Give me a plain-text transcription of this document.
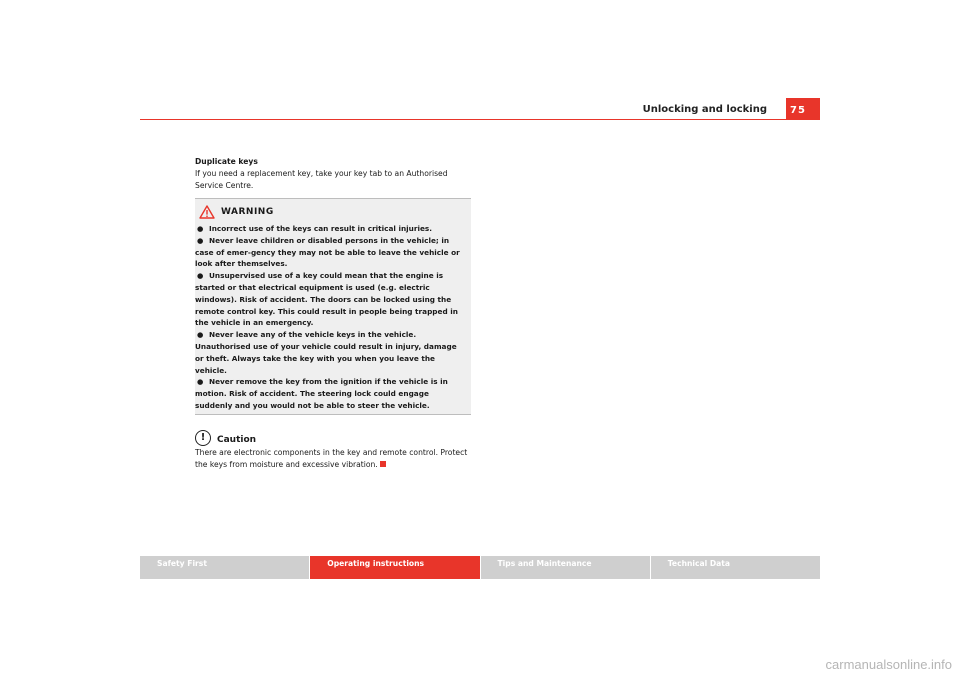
Unlocking and locking	75

Duplicate keys

If you need a replacement key, take your key tab to an Authorised Service Centre.

WARNING
● Incorrect use of the keys can result in critical injuries.
● Never leave children or disabled persons in the vehicle; in case of emer-gency they may not be able to leave the vehicle or look after themselves.
● Unsupervised use of a key could mean that the engine is started or that electrical equipment is used (e.g. electric windows). Risk of accident. The doors can be locked using the remote control key. This could result in people being trapped in the vehicle in an emergency.
● Never leave any of the vehicle keys in the vehicle. Unauthorised use of your vehicle could result in injury, damage or theft. Always take the key with you when you leave the vehicle.
● Never remove the key from the ignition if the vehicle is in motion. Risk of accident. The steering lock could engage suddenly and you would not be able to steer the vehicle.
!	Caution

There are electronic components in the key and remote control. Protect the keys from moisture and excessive vibration.

Safety First	Operating instructions	Tips and Maintenance	Technical Data
carmanualsonline.info
